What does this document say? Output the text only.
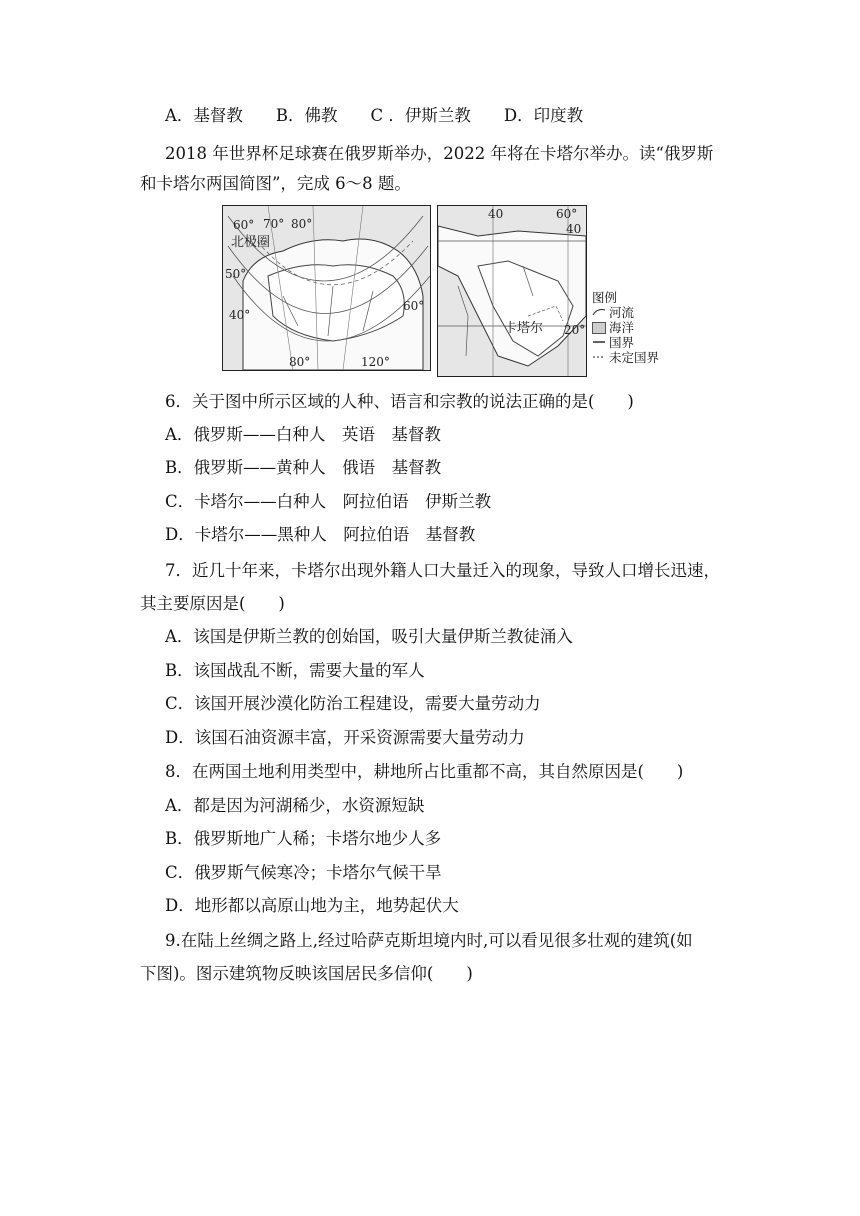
A．基督教　　B．佛教　　C ．伊斯兰教　　D．印度教
2018 年世界杯足球赛在俄罗斯举办，2022 年将在卡塔尔举办。读“俄罗斯
和卡塔尔两国简图”，完成 6～8 题。
60° 70° 80°
北极圈
50°
40°
60°
80°	120°
40	60°
40
卡塔尔 20°
图例
河流
海洋
国界
未定国界
6．关于图中所示区域的人种、语言和宗教的说法正确的是(　　)
A．俄罗斯——白种人　英语　基督教
B．俄罗斯——黄种人　俄语　基督教
C．卡塔尔——白种人　阿拉伯语　伊斯兰教
D．卡塔尔——黑种人　阿拉伯语　基督教
7．近几十年来，卡塔尔出现外籍人口大量迁入的现象，导致人口增长迅速，
其主要原因是(　　)
A．该国是伊斯兰教的创始国，吸引大量伊斯兰教徒涌入
B．该国战乱不断，需要大量的军人
C．该国开展沙漠化防治工程建设，需要大量劳动力
D．该国石油资源丰富，开采资源需要大量劳动力
8．在两国土地利用类型中，耕地所占比重都不高，其自然原因是(　　)
A．都是因为河湖稀少，水资源短缺
B．俄罗斯地广人稀；卡塔尔地少人多
C．俄罗斯气候寒冷；卡塔尔气候干旱
D．地形都以高原山地为主，地势起伏大
9.在陆上丝绸之路上,经过哈萨克斯坦境内时,可以看见很多壮观的建筑(如
下图)。图示建筑物反映该国居民多信仰(　　)
